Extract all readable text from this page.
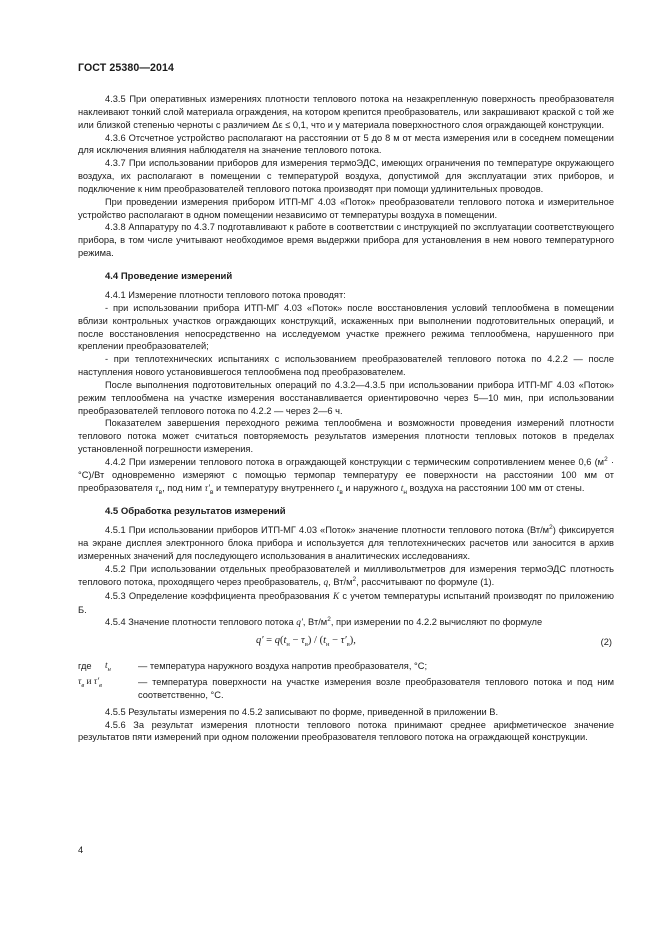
ГОСТ 25380—2014

4.3.5 При оперативных измерениях плотности теплового потока на незакрепленную поверхность преобразователя наклеивают тонкий слой материала ограждения, на котором крепится преобразователь, или закрашивают краской с той же или близкой степенью черноты с различием Δε ≤ 0,1, что и у материала поверхностного слоя ограждающей конструкции.

4.3.6 Отсчетное устройство располагают на расстоянии от 5 до 8 м от места измерения или в соседнем помещении для исключения влияния наблюдателя на значение теплового потока.

4.3.7 При использовании приборов для измерения термоЭДС, имеющих ограничения по температуре окружающего воздуха, их располагают в помещении с температурой воздуха, допустимой для эксплуатации этих приборов, и подключение к ним преобразователей теплового потока производят при помощи удлинительных проводов.

При проведении измерения прибором ИТП-МГ 4.03 «Поток» преобразователи теплового потока и измерительное устройство располагают в одном помещении независимо от температуры воздуха в помещении.

4.3.8 Аппаратуру по 4.3.7 подготавливают к работе в соответствии с инструкцией по эксплуатации соответствующего прибора, в том числе учитывают необходимое время выдержки прибора для установления в нем нового температурного режима.

4.4 Проведение измерений

4.4.1 Измерение плотности теплового потока проводят:

- при использовании прибора ИТП-МГ 4.03 «Поток» после восстановления условий теплообмена в помещении вблизи контрольных участков ограждающих конструкций, искаженных при выполнении подготовительных операций, и после восстановления непосредственно на исследуемом участке прежнего режима теплообмена, нарушенного при креплении преобразователей;

- при теплотехнических испытаниях с использованием преобразователей теплового потока по 4.2.2 — после наступления нового установившегося теплообмена под преобразователем.

После выполнения подготовительных операций по 4.3.2—4.3.5 при использовании прибора ИТП-МГ 4.03 «Поток» режим теплообмена на участке измерения восстанавливается ориентировочно через 5—10 мин, при использовании преобразователей теплового потока по 4.2.2 — через 2—6 ч.

Показателем завершения переходного режима теплообмена и возможности проведения измерений плотности теплового потока может считаться повторяемость результатов измерения плотности тепловых потоков в пределах установленной погрешности измерения.

4.4.2 При измерении теплового потока в ограждающей конструкции с термическим сопротивлением менее 0,6 $(м^2 \cdot ^\circ С)/Вт$ одновременно измеряют с помощью термопар температуру ее поверхности на расстоянии 100 мм от преобразователя $\tau_в$, под ним $\tau'_в$ и температуру внутреннего $t_в$ и наружного $t_н$ воздуха на расстоянии 100 мм от стены.

4.5 Обработка результатов измерений

4.5.1 При использовании приборов ИТП-МГ 4.03 «Поток» значение плотности теплового потока $(Вт/м^2)$ фиксируется на экране дисплея электронного блока прибора и используется для теплотехнических расчетов или заносится в архив измеренных значений для последующего использования в аналитических исследованиях.

4.5.2 При использовании отдельных преобразователей и милливольтметров для измерения термоЭДС плотность теплового потока, проходящего через преобразователь, q, $Вт/м^2$, рассчитывают по формуле (1).

4.5.3 Определение коэффициента преобразования K с учетом температуры испытаний производят по приложению Б.

4.5.4 Значение плотности теплового потока q′, $Вт/м^2$, при измерении по 4.2.2 вычисляют по формуле

$q' = q(t_н - \tau_в) / (t_н - \tau'_в)$,	(2)
где	$t_н$	— температура наружного воздуха напротив преобразователя, °С;
$\tau_в$ и $\tau'_в$	— температура поверхности на участке измерения возле преобразователя теплового потока и под ним соответственно, °С.

4.5.5 Результаты измерения по 4.5.2 записывают по форме, приведенной в приложении В.

4.5.6 За результат измерения плотности теплового потока принимают среднее арифметическое значение результатов пяти измерений при одном положении преобразователя теплового потока на ограждающей конструкции.

4
